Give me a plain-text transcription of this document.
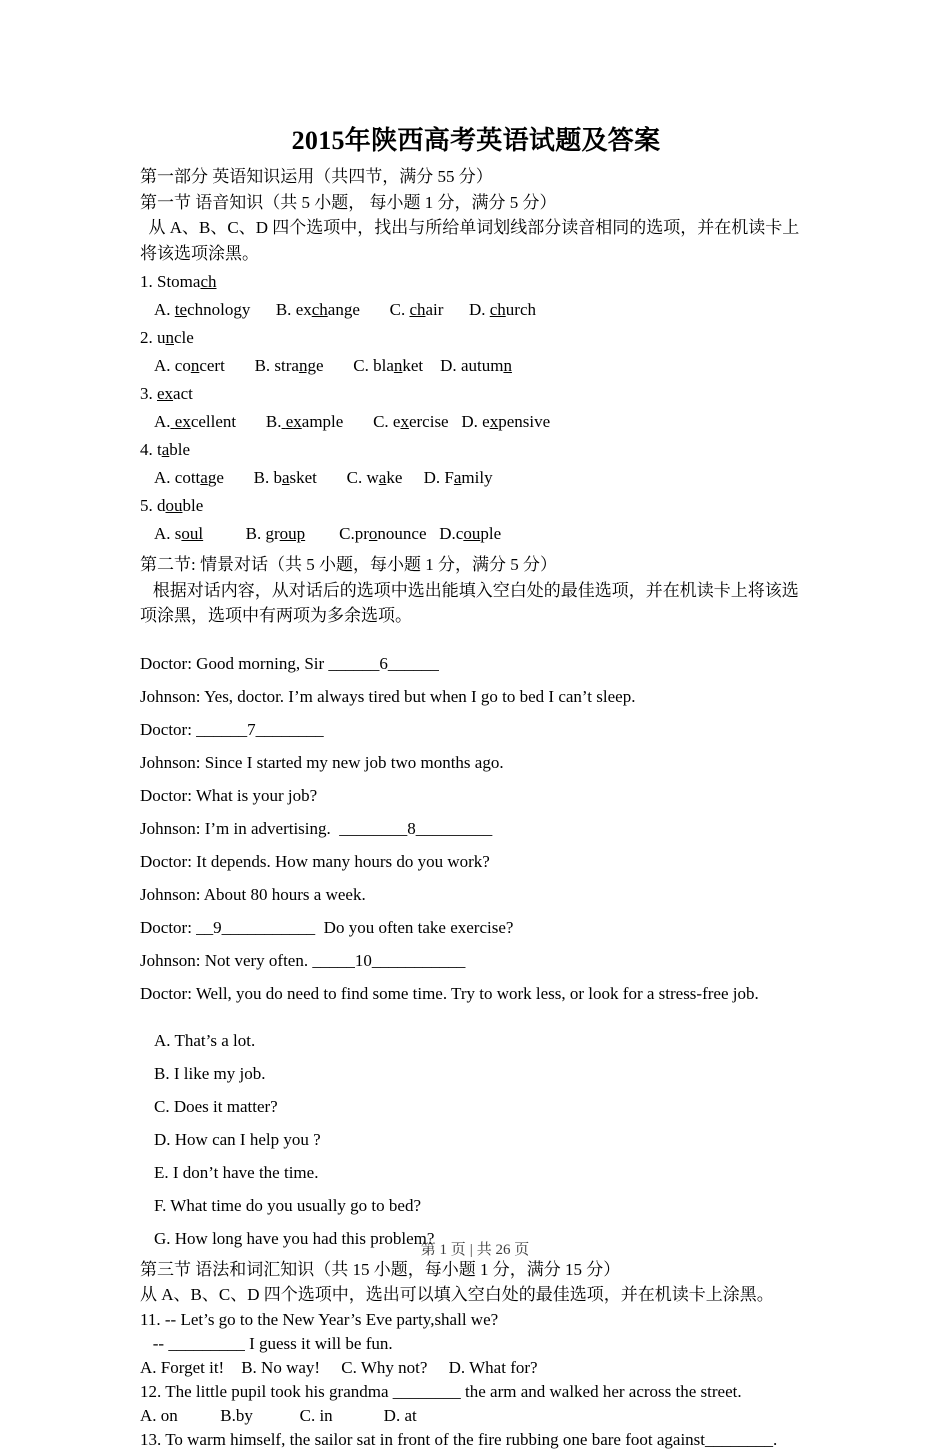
2015年陕西高考英语试题及答案

第一部分 英语知识运用（共四节，满分 55 分）

第一节 语音知识（共 5 小题， 每小题 1 分，满分 5 分）

从 A、B、C、D 四个选项中，找出与所给单词划线部分读音相同的选项，并在机读卡上

将该选项涂黑。

1. Stomach

A. technology B. exchange C. chair D. church

2. uncle

A. concert B. strange C. blanket D. autumn

3. exact

A. excellent B. example C. exercise D. expensive

4. table

A. cottage B. basket C. wake D. Family

5. double

A. soul	B. group C.pronounce D.couple

第二节: 情景对话（共 5 小题，每小题 1 分，满分 5 分）

根据对话内容，从对话后的选项中选出能填入空白处的最佳选项，并在机读卡上将该选

项涂黑，选项中有两项为多余选项。

Doctor: Good morning, Sir ______6______

Johnson: Yes, doctor. I’m always tired but when I go to bed I can’t sleep.

Doctor: ______7________

Johnson: Since I started my new job two months ago.

Doctor: What is your job?

Johnson: I’m in advertising.  ________8_________

Doctor: It depends. How many hours do you work?

Johnson: About 80 hours a week.

Doctor: __9___________  Do you often take exercise?

Johnson: Not very often. _____10___________

Doctor: Well, you do need to find some time. Try to work less, or look for a stress-free job.

A. That’s a lot.

B. I like my job.

C. Does it matter?

D. How can I help you ?

E. I don’t have the time.

F. What time do you usually go to bed?

G. How long have you had this problem?

第三节 语法和词汇知识（共 15 小题，每小题 1 分，满分 15 分）

从 A、B、C、D 四个选项中，选出可以填入空白处的最佳选项，并在机读卡上涂黑。

11. -- Let’s go to the New Year’s Eve party,shall we?

-- _________ I guess it will be fun.

A. Forget it!    B. No way!     C. Why not?     D. What for?

12. The little pupil took his grandma ________ the arm and walked her across the street.

A. on          B.by           C. in            D. at

13. To warm himself, the sailor sat in front of the fire rubbing one bare foot against________.

第 1 页 | 共 26 页
